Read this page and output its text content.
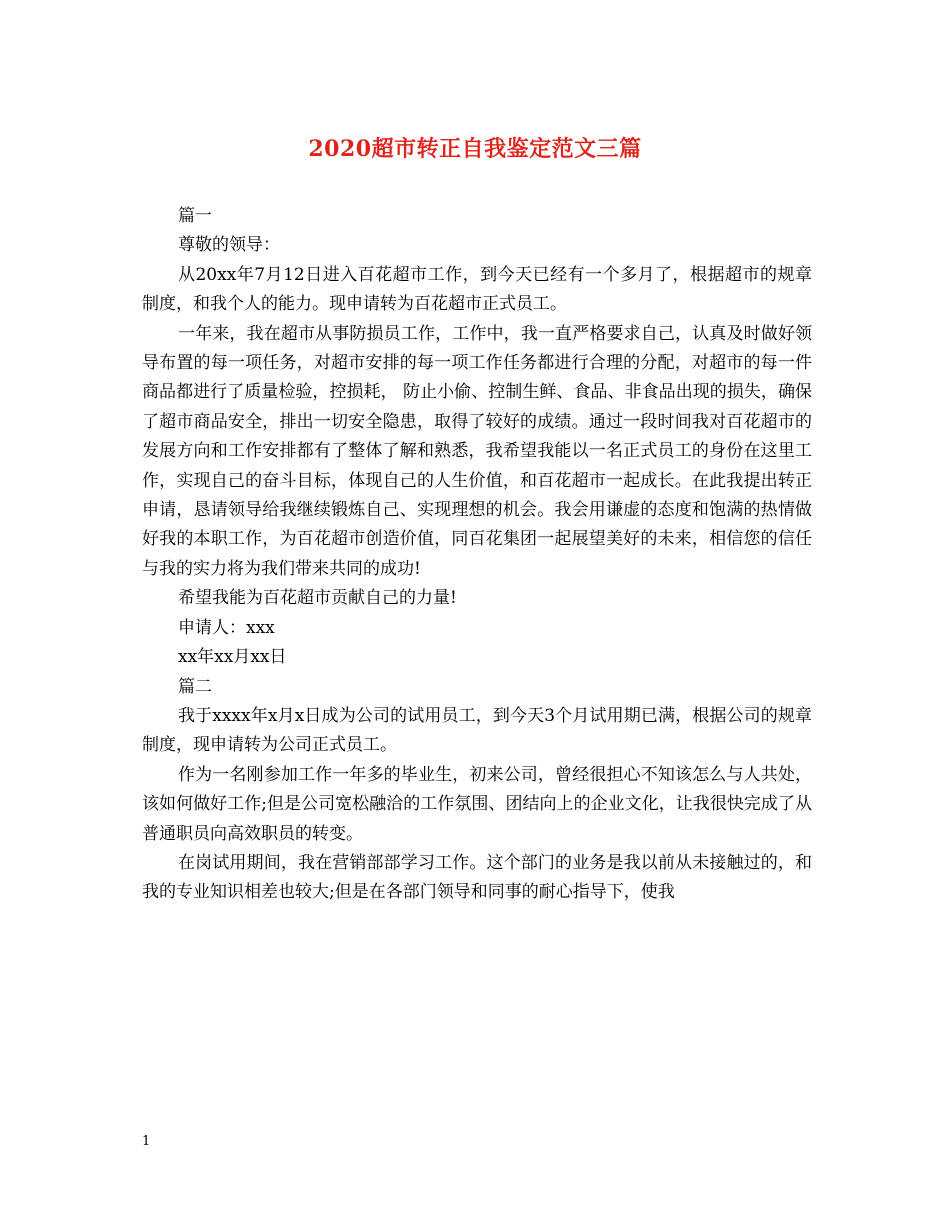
2020超市转正自我鉴定范文三篇

篇一

尊敬的领导：

从20xx年7月12日进入百花超市工作，到今天已经有一个多月了，根据超市的规章制度，和我个人的能力。现申请转为百花超市正式员工。

一年来，我在超市从事防损员工作，工作中，我一直严格要求自己，认真及时做好领导布置的每一项任务，对超市安排的每一项工作任务都进行合理的分配，对超市的每一件商品都进行了质量检验，控损耗， 防止小偷、控制生鲜、食品、非食品出现的损失，确保了超市商品安全，排出一切安全隐患，取得了较好的成绩。通过一段时间我对百花超市的发展方向和工作安排都有了整体了解和熟悉，我希望我能以一名正式员工的身份在这里工作，实现自己的奋斗目标，体现自己的人生价值，和百花超市一起成长。在此我提出转正申请，恳请领导给我继续锻炼自己、实现理想的机会。我会用谦虚的态度和饱满的热情做好我的本职工作，为百花超市创造价值，同百花集团一起展望美好的未来，相信您的信任与我的实力将为我们带来共同的成功!

希望我能为百花超市贡献自己的力量!

申请人：xxx

xx年xx月xx日

篇二

我于xxxx年x月x日成为公司的试用员工，到今天3个月试用期已满，根据公司的规章制度，现申请转为公司正式员工。

作为一名刚参加工作一年多的毕业生，初来公司，曾经很担心不知该怎么与人共处，该如何做好工作;但是公司宽松融洽的工作氛围、团结向上的企业文化，让我很快完成了从普通职员向高效职员的转变。

在岗试用期间，我在营销部部学习工作。这个部门的业务是我以前从未接触过的，和我的专业知识相差也较大;但是在各部门领导和同事的耐心指导下，使我

1
